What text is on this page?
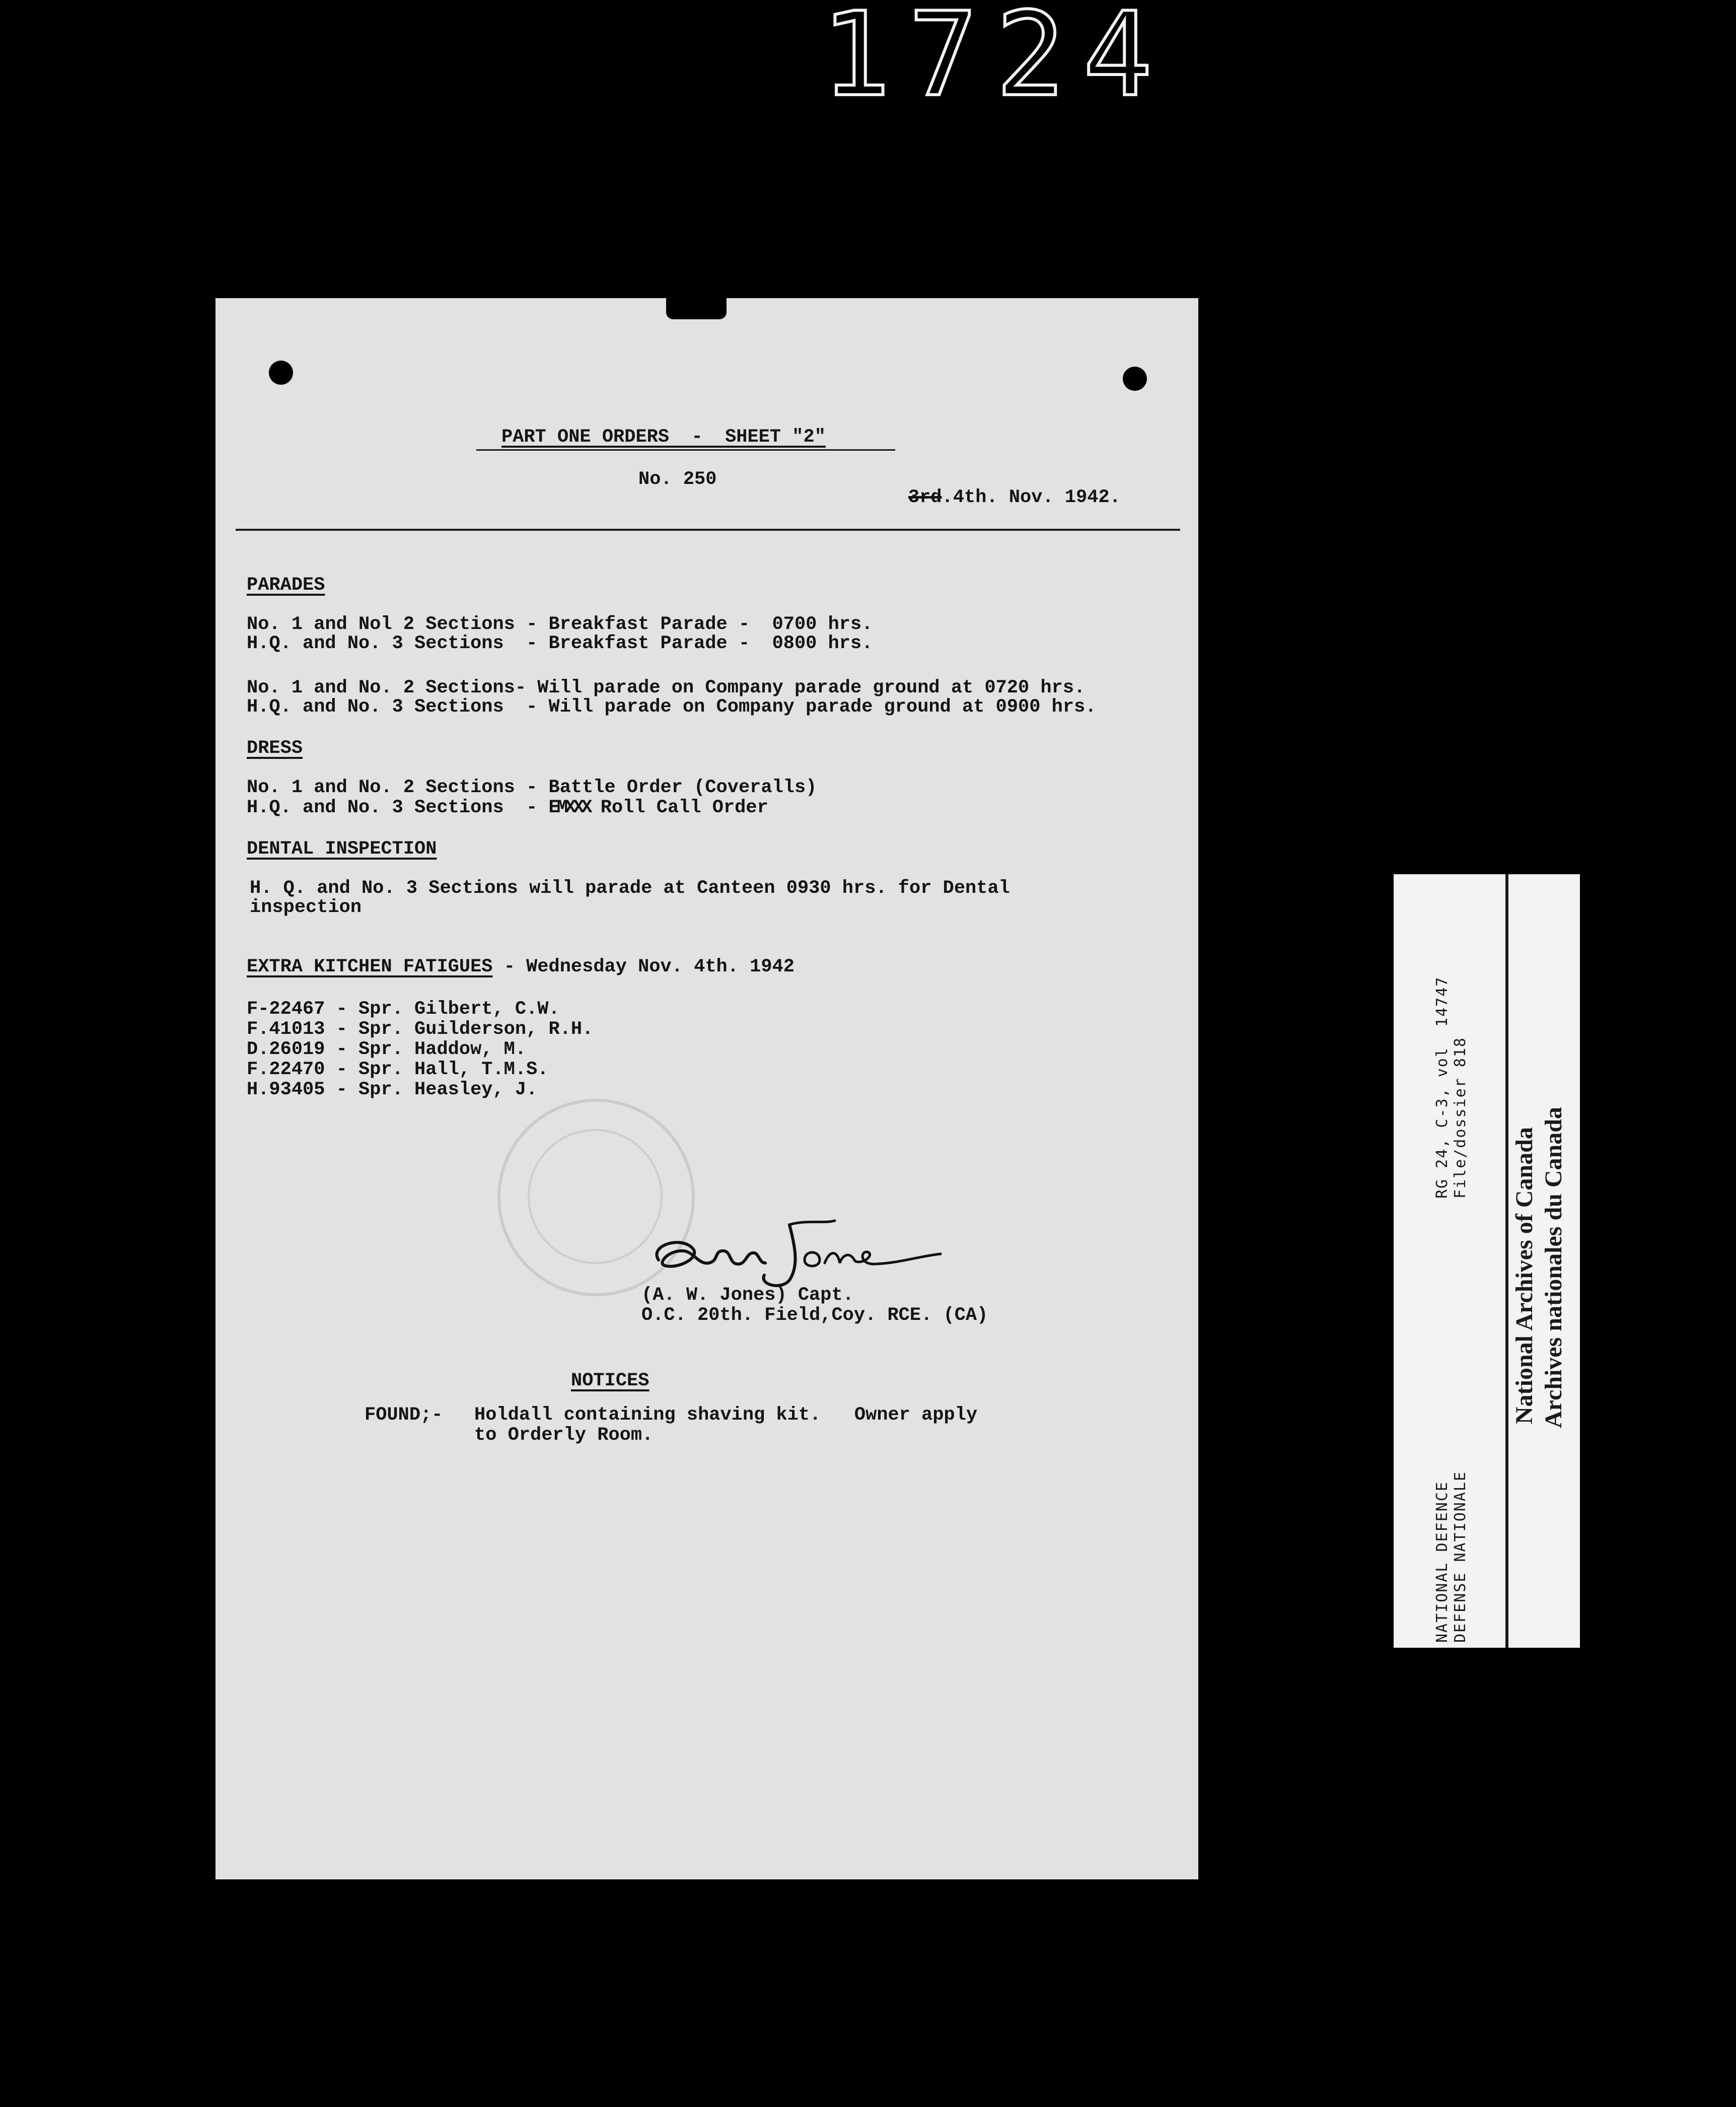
1 7 2 4
PART ONE ORDERS  -  SHEET "2"
No. 250
3rd.4th. Nov. 1942.
PARADES
No. 1 and Nol 2 Sections - Breakfast Parade -  0700 hrs.
H.Q. and No. 3 Sections  - Breakfast Parade -  0800 hrs.
No. 1 and No. 2 Sections- Will parade on Company parade ground at 0720 hrs.
H.Q. and No. 3 Sections  - Will parade on Company parade ground at 0900 hrs.
DRESS
No. 1 and No. 2 Sections - Battle Order (Coveralls)
H.Q. and No. 3 Sections  - EMXXX Roll Call Order
DENTAL INSPECTION
H. Q. and No. 3 Sections will parade at Canteen 0930 hrs. for Dental
inspection
EXTRA KITCHEN FATIGUES - Wednesday Nov. 4th. 1942
F-22467 - Spr. Gilbert, C.W.
F.41013 - Spr. Guilderson, R.H.
D.26019 - Spr. Haddow, M.
F.22470 - Spr. Hall, T.M.S.
H.93405 - Spr. Heasley, J.
(A. W. Jones) Capt.
O.C. 20th. Field,Coy. RCE. (CA)
NOTICES
FOUND;- Holdall containing shaving kit.   Owner apply
to Orderly Room.
RG 24, C-3, vol  14747 File/dossier 818
NATIONAL DEFENCE DEFENSE NATIONALE
National Archives of Canada Archives nationales du Canada
